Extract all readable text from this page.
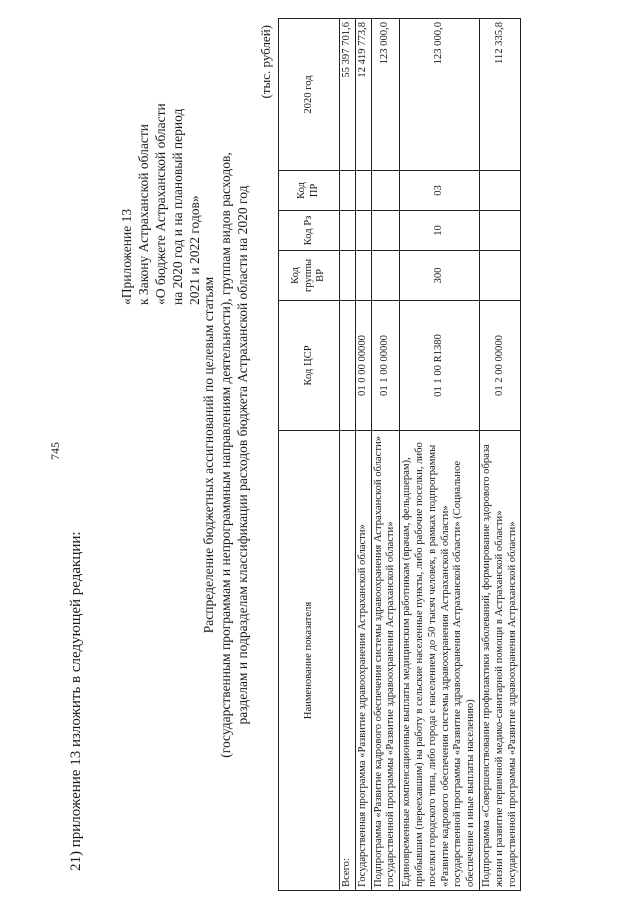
745
21) приложение 13 изложить в следующей редакции:
«Приложение 13 к Закону Астраханской области «О бюджете Астраханской области на 2020 год и на плановый период 2021 и 2022 годов»
Распределение бюджетных ассигнований по целевым статьям (государственным программам и непрограммным направлениям деятельности), группам видов расходов, разделам и подразделам классификации расходов бюджета Астраханской области на 2020 год
(тыс. рублей)
Наименование показателя	Код ЦСР	Код группы ВР	Код Рз	Код ПР	2020 год
Всего:					55 397 701,6
Государственная программа «Развитие здравоохранения Астраханской области»	01 0 00 00000				12 419 773,8
Подпрограмма «Развитие кадрового обеспечения системы здравоохранения Астраханской области» государственной программы «Развитие здравоохранения Астраханской области»	01 1 00 00000				123 000,0
Единовременные компенсационные выплаты медицинским работникам (врачам, фельдшерам), прибывшим (переехавшим) на работу в сельские населенные пункты, либо рабочие поселки, либо поселки городского типа, либо города с населением до 50 тысяч человек, в рамках подпрограммы «Развитие кадрового обеспечения системы здравоохранения Астраханской области» государственной программы «Развитие здравоохранения Астраханской области» (Социальное обеспечение и иные выплаты населению)	01 1 00 R1380	300	10	03	123 000,0
Подпрограмма «Совершенствование профилактики заболеваний, формирование здорового образа жизни и развитие первичной медико-санитарной помощи в Астраханской области» государственной программы «Развитие здравоохранения Астраханской области»	01 2 00 00000				112 335,8
